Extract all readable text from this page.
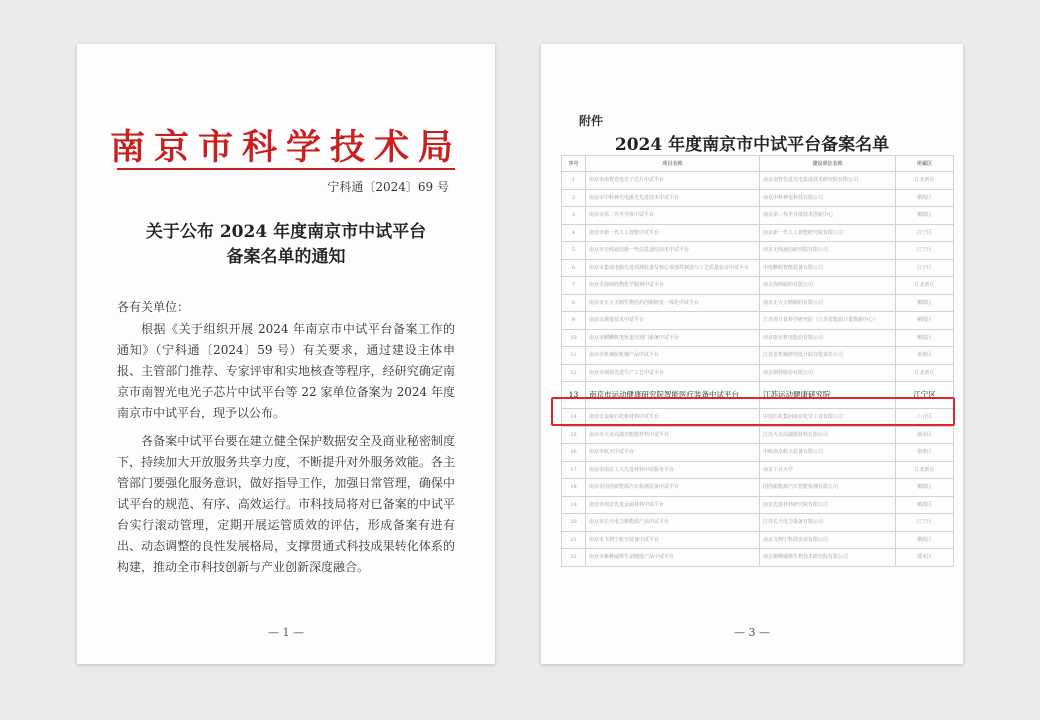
南京市科学技术局
宁科通〔2024〕69 号
关于公布 2024 年度南京市中试平台
备案名单的通知
各有关单位：

根据《关于组织开展 2024 年南京市中试平台备案工作的通知》（宁科通〔2024〕59 号）有关要求，通过建设主体申报、主管部门推荐、专家评审和实地核查等程序，经研究确定南京市南智光电光子芯片中试平台等 22 家单位备案为 2024 年度南京市中试平台，现予以公布。

各备案中试平台要在建立健全保护数据安全及商业秘密制度下，持续加大开放服务共享力度，不断提升对外服务效能。各主管部门要强化服务意识，做好指导工作，加强日常管理，确保中试平台的规范、有序、高效运行。市科技局将对已备案的中试平台实行滚动管理，定期开展运管质效的评估，形成备案有进有出、动态调整的良性发展格局，支撑贯通式科技成果转化体系的构建，推动全市科技创新与产业创新深度融合。

— 1 —
附件
2024 年度南京市中试平台备案名单
序号	项目名称	建设单位名称	所属区
1	南京市南智光电光子芯片中试平台	南京南智先进光电集成技术研究院有限公司	江北新区
2	南京市中科神光电激光先进技术中试平台	南京中科神光科技有限公司	栖霞区
3	南京市第三代半导体中试平台	南京第三代半导体技术创新中心	栖霞区
4	南京市新一代人工智能中试平台	南京新一代人工智能研究院有限公司	江宁区
5	南京市无线通信新一代信息通信技术中试平台	南京无线通信研究院有限公司	江宁区
6	南京市集成电路先进封测装备及核心零部件制造与工艺质量验证中试平台	中电鹏程智能装备有限公司	江宁区
7	南京市海纳药物化学制剂中试平台	南京海纳制药有限公司	江北新区
8	南京市正大天晴生物医药创新研发一体化中试平台	南京正大天晴制药有限公司	栖霞区
9	南京市测量技术中试平台	江苏省计量科学研究院（江苏省能源计量数据中心）	栖霞区
10	南京市麒麟机电轨道交通门系统中试平台	南京康尼机电股份有限公司	栖霞区
11	南京市机械院机械产品中试平台	江苏省机械研究设计院有限责任公司	秦淮区
12	南京市钢铁先进生产工艺中试平台	南京钢铁股份有限公司	江北新区
13	南京市运动健康研究院智能医疗装备中试平台	江苏运动健康研究院	江宁区
14	南京市金陵石化新材料中试平台	中国石化集团南京化学工业有限公司	六合区
15	南京市天美高端功能膜材料中试平台	江苏天美高端膜材料有限公司	溧水区
16	南京市航天中试平台	中航南京航天装备有限公司	秦淮区
17	南京市南京工大先进材料中试服务平台	南京工业大学	江北新区
18	南京市国创新能源汽车检测装备中试平台	国创新能源汽车智能检测有限公司	栖霞区
19	南京市南京先进金属材料中试平台	南京先进材料研究院有限公司	栖霞区
20	南京市长天电力新能源产品中试平台	江苏长天电力设备有限公司	江宁区
21	南京市飞利宁航空装备中试平台	南京飞利宁科技发展有限公司	栖霞区
22	南京市紫峰威斯生命健康产品中试平台	南京紫峰威斯生物技术研究院有限公司	溧水区
— 3 —
